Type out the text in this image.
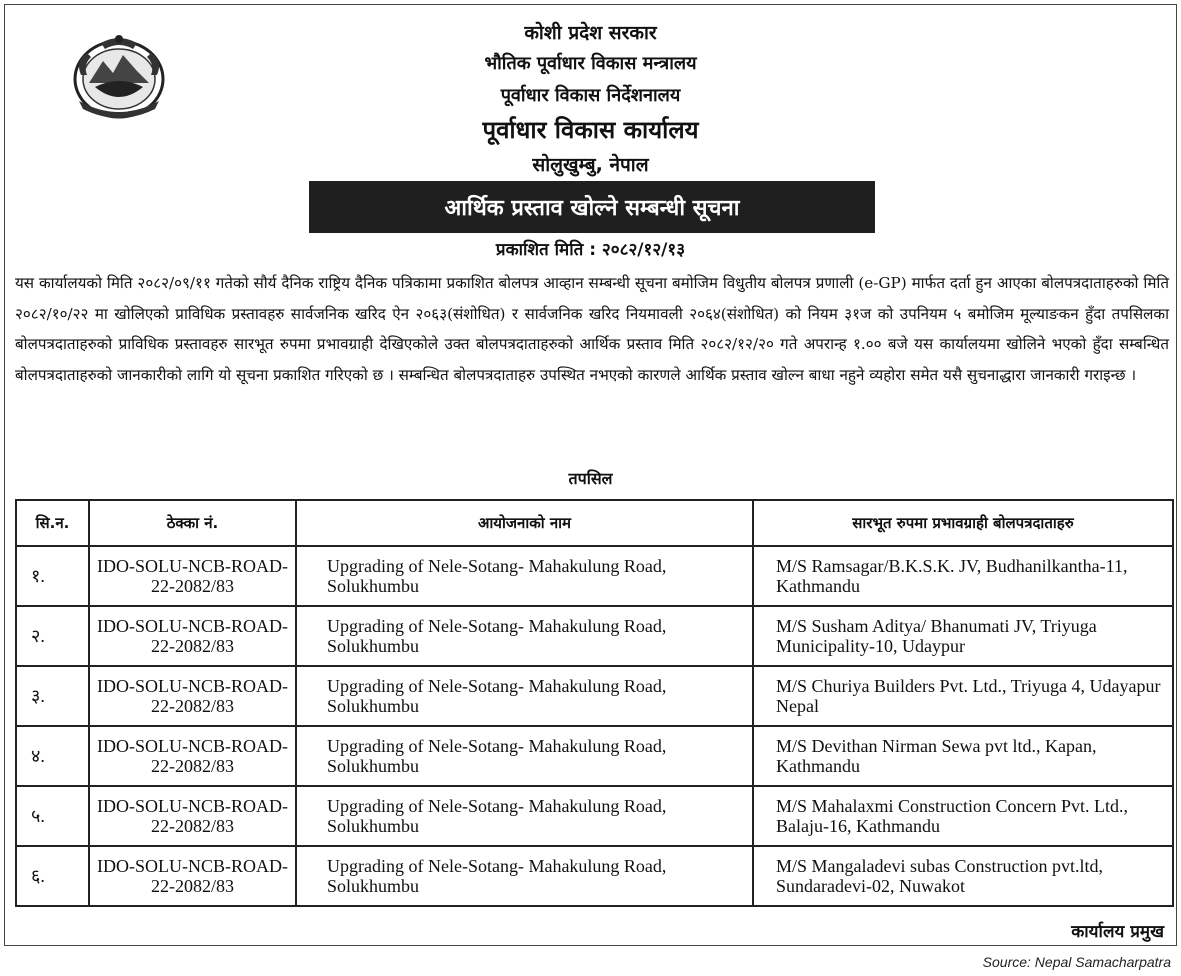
कोशी प्रदेश सरकार
भौतिक पूर्वाधार विकास मन्त्रालय
पूर्वाधार विकास निर्देशनालय
पूर्वाधार विकास कार्यालय
सोलुखुम्बु, नेपाल
आर्थिक प्रस्ताव खोल्ने सम्बन्धी सूचना
प्रकाशित मिति : २०८२/१२/१३

यस कार्यालयको मिति २०८२/०९/११ गतेको सौर्य दैनिक राष्ट्रिय दैनिक पत्रिकामा प्रकाशित बोलपत्र आव्हान सम्बन्धी सूचना बमोजिम विधुतीय बोलपत्र प्रणाली (e-GP) मार्फत दर्ता हुन आएका बोलपत्रदाताहरुको मिति २०८२/१०/२२ मा खोलिएको प्राविधिक प्रस्तावहरु सार्वजनिक खरिद ऐन २०६३(संशोधित) र सार्वजनिक खरिद नियमावली २०६४(संशोधित) को नियम ३१ज को उपनियम ५ बमोजिम मूल्याङकन हुँदा तपसिलका बोलपत्रदाताहरुको प्राविधिक प्रस्तावहरु सारभूत रुपमा प्रभावग्राही देखिएकोले उक्त बोलपत्रदाताहरुको आर्थिक प्रस्ताव मिति २०८२/१२/२० गते अपरान्ह १.०० बजे यस कार्यालयमा खोलिने भएको हुँदा सम्बन्धित बोलपत्रदाताहरुको जानकारीको लागि यो सूचना प्रकाशित गरिएको छ । सम्बन्धित बोलपत्रदाताहरु उपस्थित नभएको कारणले आर्थिक प्रस्ताव खोल्न बाधा नहुने व्यहोरा समेत यसै सुचनाद्धारा जानकारी गराइन्छ ।

तपसिल
सि.न.	ठेक्का नं.	आयोजनाको नाम	सारभूत रुपमा प्रभावग्राही बोलपत्रदाताहरु
१.	IDO-SOLU-NCB-ROAD-22-2082/83	Upgrading of Nele-Sotang- Mahakulung Road, Solukhumbu	M/S Ramsagar/B.K.S.K. JV, Budhanilkantha-11, Kathmandu
२.	IDO-SOLU-NCB-ROAD-22-2082/83	Upgrading of Nele-Sotang- Mahakulung Road, Solukhumbu	M/S Susham Aditya/ Bhanumati JV, Triyuga Municipality-10, Udaypur
३.	IDO-SOLU-NCB-ROAD-22-2082/83	Upgrading of Nele-Sotang- Mahakulung Road, Solukhumbu	M/S Churiya Builders Pvt. Ltd., Triyuga 4, Udayapur Nepal
४.	IDO-SOLU-NCB-ROAD-22-2082/83	Upgrading of Nele-Sotang- Mahakulung Road, Solukhumbu	M/S Devithan Nirman Sewa pvt ltd., Kapan, Kathmandu
५.	IDO-SOLU-NCB-ROAD-22-2082/83	Upgrading of Nele-Sotang- Mahakulung Road, Solukhumbu	M/S Mahalaxmi Construction Concern Pvt. Ltd., Balaju-16, Kathmandu
६.	IDO-SOLU-NCB-ROAD-22-2082/83	Upgrading of Nele-Sotang- Mahakulung Road, Solukhumbu	M/S Mangaladevi subas Construction pvt.ltd, Sundaradevi-02, Nuwakot
कार्यालय प्रमुख
Source: Nepal Samacharpatra
